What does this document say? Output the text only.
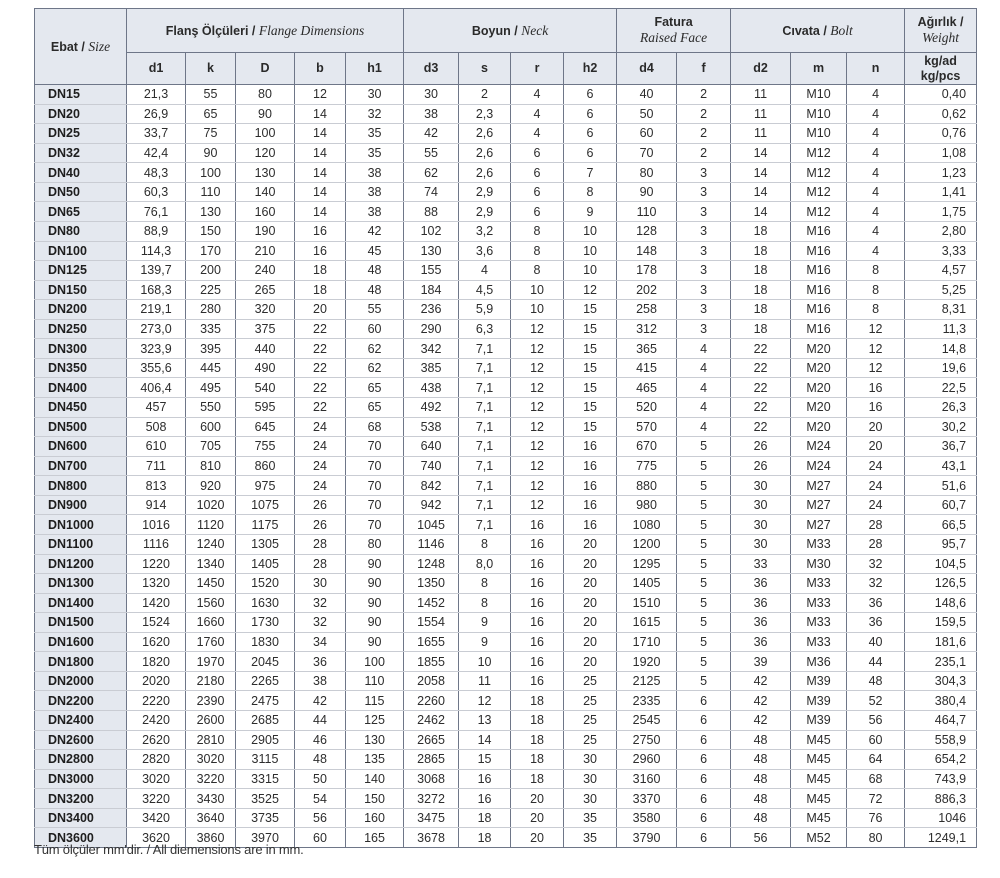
Ebat / Size	Flanş Ölçüleri / Flange Dimensions					Boyun / Neck				Fatura
Raised Face		Cıvata / Bolt			Ağırlık /
Weight
	d1	k	D	b	h1	d3	s	r	h2	d4	f	d2	m	n	kg/ad
kg/pcs
DN15	21,3	55	80	12	30	30	2	4	6	40	2	11	M10	4	0,40
DN20	26,9	65	90	14	32	38	2,3	4	6	50	2	11	M10	4	0,62
DN25	33,7	75	100	14	35	42	2,6	4	6	60	2	11	M10	4	0,76
DN32	42,4	90	120	14	35	55	2,6	6	6	70	2	14	M12	4	1,08
DN40	48,3	100	130	14	38	62	2,6	6	7	80	3	14	M12	4	1,23
DN50	60,3	110	140	14	38	74	2,9	6	8	90	3	14	M12	4	1,41
DN65	76,1	130	160	14	38	88	2,9	6	9	110	3	14	M12	4	1,75
DN80	88,9	150	190	16	42	102	3,2	8	10	128	3	18	M16	4	2,80
DN100	114,3	170	210	16	45	130	3,6	8	10	148	3	18	M16	4	3,33
DN125	139,7	200	240	18	48	155	4	8	10	178	3	18	M16	8	4,57
DN150	168,3	225	265	18	48	184	4,5	10	12	202	3	18	M16	8	5,25
DN200	219,1	280	320	20	55	236	5,9	10	15	258	3	18	M16	8	8,31
DN250	273,0	335	375	22	60	290	6,3	12	15	312	3	18	M16	12	11,3
DN300	323,9	395	440	22	62	342	7,1	12	15	365	4	22	M20	12	14,8
DN350	355,6	445	490	22	62	385	7,1	12	15	415	4	22	M20	12	19,6
DN400	406,4	495	540	22	65	438	7,1	12	15	465	4	22	M20	16	22,5
DN450	457	550	595	22	65	492	7,1	12	15	520	4	22	M20	16	26,3
DN500	508	600	645	24	68	538	7,1	12	15	570	4	22	M20	20	30,2
DN600	610	705	755	24	70	640	7,1	12	16	670	5	26	M24	20	36,7
DN700	711	810	860	24	70	740	7,1	12	16	775	5	26	M24	24	43,1
DN800	813	920	975	24	70	842	7,1	12	16	880	5	30	M27	24	51,6
DN900	914	1020	1075	26	70	942	7,1	12	16	980	5	30	M27	24	60,7
DN1000	1016	1120	1175	26	70	1045	7,1	16	16	1080	5	30	M27	28	66,5
DN1100	1116	1240	1305	28	80	1146	8	16	20	1200	5	30	M33	28	95,7
DN1200	1220	1340	1405	28	90	1248	8,0	16	20	1295	5	33	M30	32	104,5
DN1300	1320	1450	1520	30	90	1350	8	16	20	1405	5	36	M33	32	126,5
DN1400	1420	1560	1630	32	90	1452	8	16	20	1510	5	36	M33	36	148,6
DN1500	1524	1660	1730	32	90	1554	9	16	20	1615	5	36	M33	36	159,5
DN1600	1620	1760	1830	34	90	1655	9	16	20	1710	5	36	M33	40	181,6
DN1800	1820	1970	2045	36	100	1855	10	16	20	1920	5	39	M36	44	235,1
DN2000	2020	2180	2265	38	110	2058	11	16	25	2125	5	42	M39	48	304,3
DN2200	2220	2390	2475	42	115	2260	12	18	25	2335	6	42	M39	52	380,4
DN2400	2420	2600	2685	44	125	2462	13	18	25	2545	6	42	M39	56	464,7
DN2600	2620	2810	2905	46	130	2665	14	18	25	2750	6	48	M45	60	558,9
DN2800	2820	3020	3115	48	135	2865	15	18	30	2960	6	48	M45	64	654,2
DN3000	3020	3220	3315	50	140	3068	16	18	30	3160	6	48	M45	68	743,9
DN3200	3220	3430	3525	54	150	3272	16	20	30	3370	6	48	M45	72	886,3
DN3400	3420	3640	3735	56	160	3475	18	20	35	3580	6	48	M45	76	1046
DN3600	3620	3860	3970	60	165	3678	18	20	35	3790	6	56	M52	80	1249,1
Tüm ölçüler mm'dir. / All diemensions are in mm.
